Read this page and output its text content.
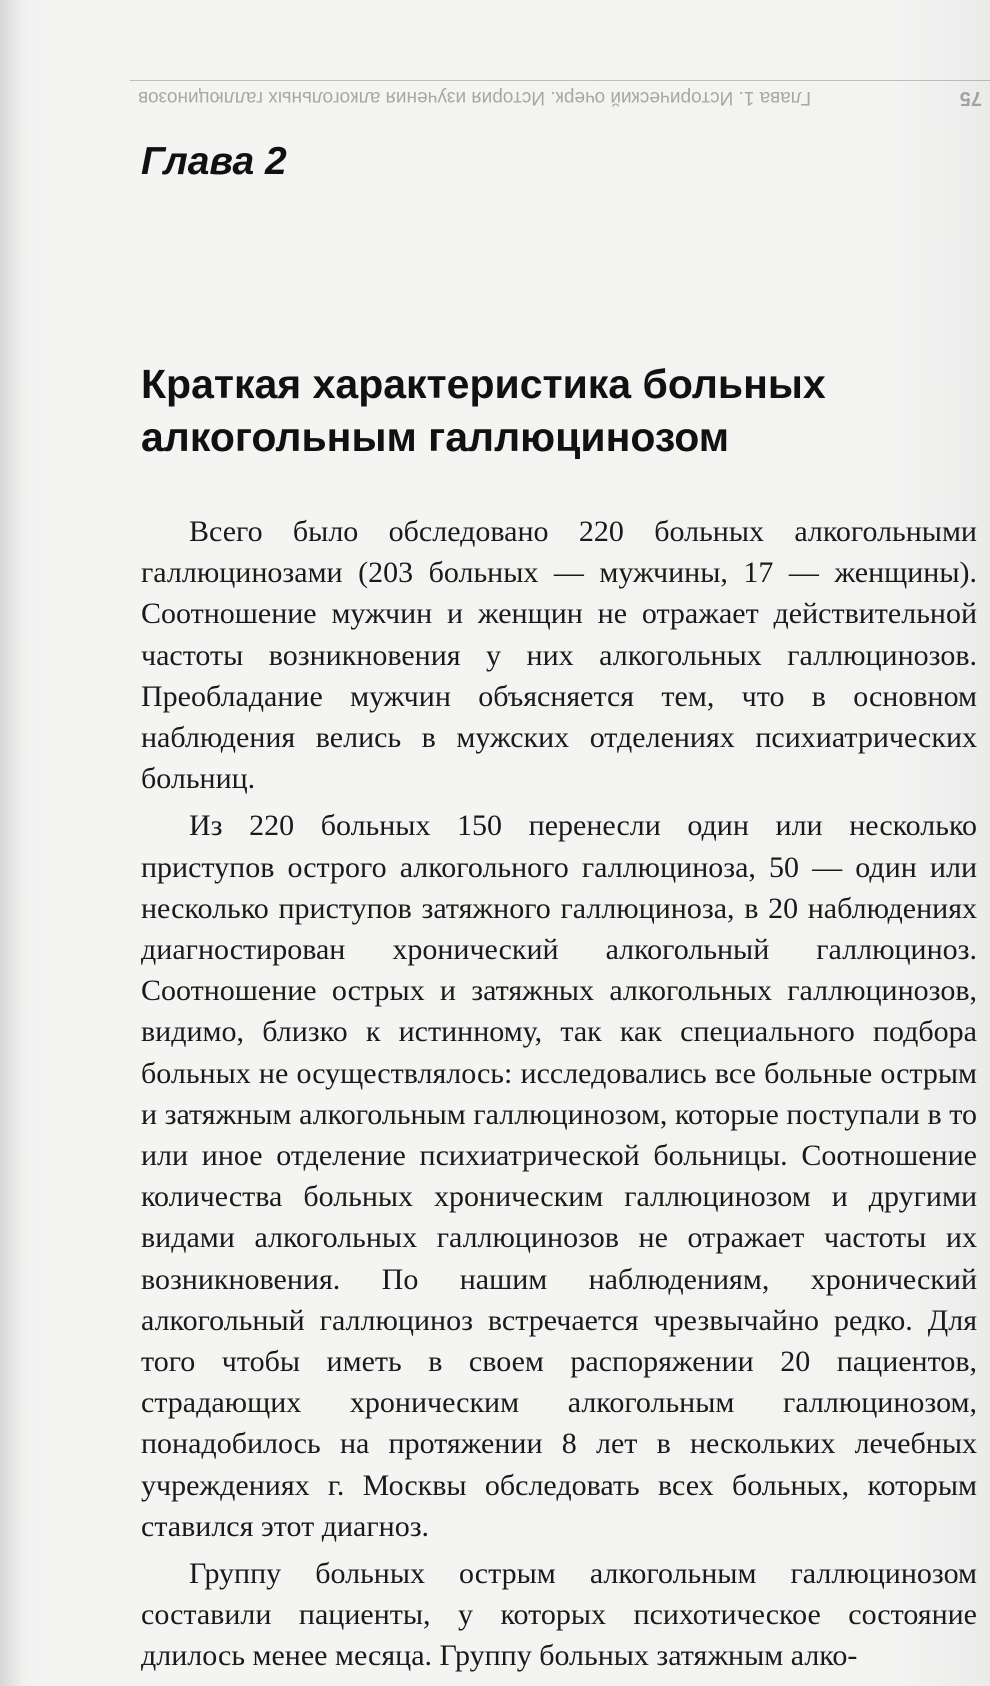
75
Глава 1. Исторический очерк. История изучения алкогольных галлюцинозов
Глава 2
Краткая характеристика больных алкогольным галлюцинозом

Всего было обследовано 220 больных алкогольными галлюцинозами (203 больных — мужчины, 17 — женщины). Соотношение мужчин и женщин не отражает действительной частоты возникновения у них алкогольных галлюцинозов. Преобладание мужчин объясняется тем, что в основном наблюдения велись в мужских отделениях психиатрических больниц.

Из 220 больных 150 перенесли один или несколько приступов острого алкогольного галлюциноза, 50 — один или несколько приступов затяжного галлюциноза, в 20 наблюдениях диагностирован хронический алкогольный галлюциноз. Соотношение острых и затяжных алкогольных галлюцинозов, видимо, близко к истинному, так как специального подбора больных не осуществлялось: исследовались все больные острым и затяжным алкогольным галлюцинозом, которые поступали в то или иное отделение психиатрической больницы. Соотношение количества больных хроническим галлюцинозом и другими видами алкогольных галлюцинозов не отражает частоты их возникновения. По нашим наблюдениям, хронический алкогольный галлюциноз встречается чрезвычайно редко. Для того чтобы иметь в своем распоряжении 20 пациентов, страдающих хроническим алкогольным галлюцинозом, понадобилось на протяжении 8 лет в нескольких лечебных учреждениях г. Москвы обследовать всех больных, которым ставился этот диагноз.

Группу больных острым алкогольным галлюцинозом составили пациенты, у которых психотическое состояние длилось менее месяца. Группу больных затяжным алко-
